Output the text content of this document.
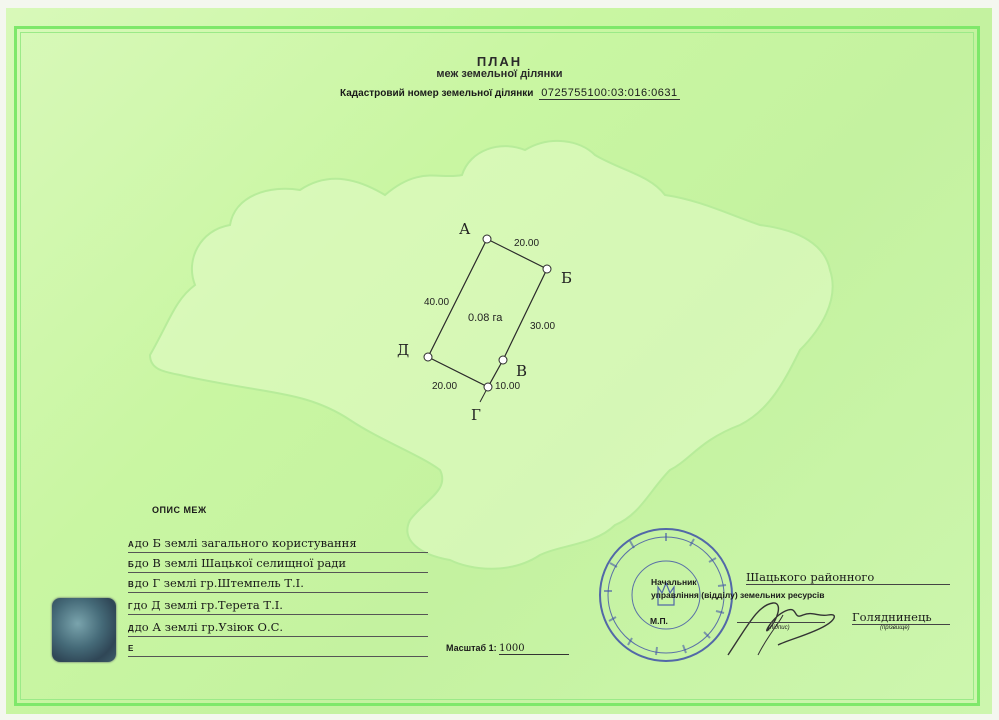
ПЛАН
меж земельної ділянки
Кадастровий номер земельної ділянки 0725755100:03:016:0631
А
Б
В
Г
Д
20.00
30.00
10.00
20.00
40.00
0.08 га
ОПИС МЕЖ
Адо Б землі загального користування
Бдо В землі Шацької селищної ради
Вдо Г землі гр.Штемпель Т.І.
Гдо Д землі гр.Терета Т.І.
Ддо А землі гр.Узіюк О.С.
Е	Масштаб 1: 1000
Начальник
управління (відділу) земельних ресурсів
Шацького районного
М.П.
(підпис)
Голяднинець
(прізвище)
